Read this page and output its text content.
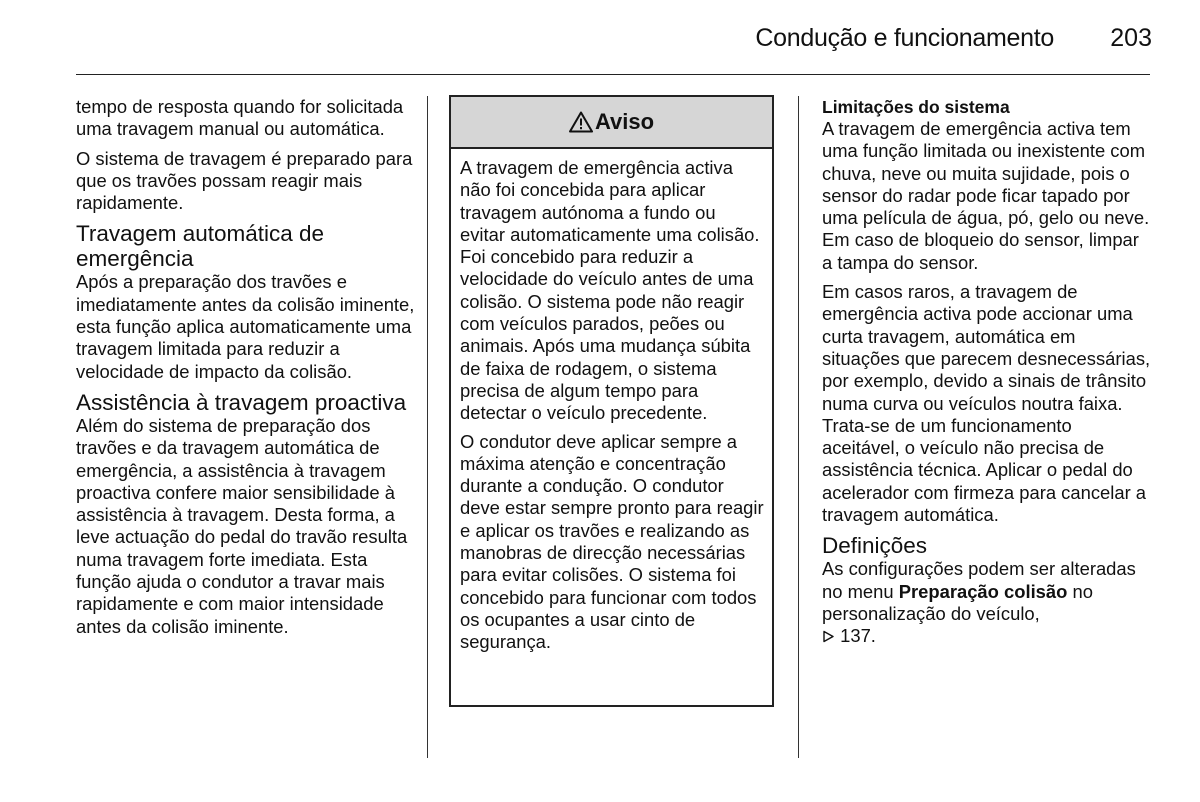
Condução e funcionamento 203

tempo de resposta quando for solicitada uma travagem manual ou automática.

O sistema de travagem é preparado para que os travões possam reagir mais rapidamente.

Travagem automática de emergência

Após a preparação dos travões e imediatamente antes da colisão iminente, esta função aplica automaticamente uma travagem limitada para reduzir a velocidade de impacto da colisão.

Assistência à travagem proactiva

Além do sistema de preparação dos travões e da travagem automática de emergência, a assistência à travagem proactiva confere maior sensibilidade à assistência à travagem. Desta forma, a leve actuação do pedal do travão resulta numa travagem forte imediata. Esta função ajuda o condutor a travar mais rapidamente e com maior intensidade antes da colisão iminente.

Aviso

A travagem de emergência activa não foi concebida para aplicar travagem autónoma a fundo ou evitar automaticamente uma colisão. Foi concebido para reduzir a velocidade do veículo antes de uma colisão. O sistema pode não reagir com veículos parados, peões ou animais. Após uma mudança súbita de faixa de rodagem, o sistema precisa de algum tempo para detectar o veículo precedente.

O condutor deve aplicar sempre a máxima atenção e concentração durante a condução. O condutor deve estar sempre pronto para reagir e aplicar os travões e realizando as manobras de direcção necessárias para evitar colisões. O sistema foi concebido para funcionar com todos os ocupantes a usar cinto de segurança.

Limitações do sistema

A travagem de emergência activa tem uma função limitada ou inexistente com chuva, neve ou muita sujidade, pois o sensor do radar pode ficar tapado por uma película de água, pó, gelo ou neve. Em caso de bloqueio do sensor, limpar a tampa do sensor.

Em casos raros, a travagem de emergência activa pode accionar uma curta travagem, automática em situações que parecem desnecessárias, por exemplo, devido a sinais de trânsito numa curva ou veículos noutra faixa. Trata-se de um funcionamento aceitável, o veículo não precisa de assistência técnica. Aplicar o pedal do acelerador com firmeza para cancelar a travagem automática.

Definições

As configurações podem ser alteradas no menu Preparação colisão no personalização do veículo,
137.
